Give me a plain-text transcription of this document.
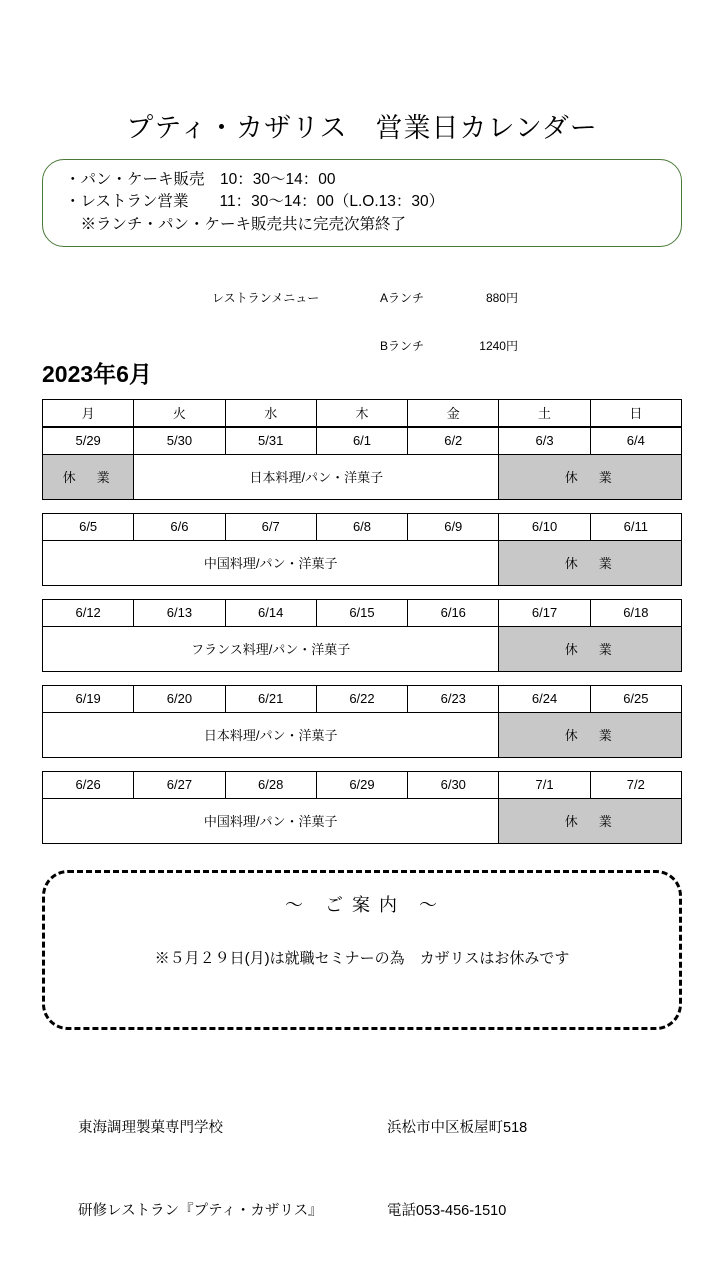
プティ・カザリス　営業日カレンダー
・パン・ケーキ販売　10：30〜14：00
・レストラン営業　　11：30〜14：00（L.O.13：30）
　※ランチ・パン・ケーキ販売共に完売次第終了
2023年6月

レストランメニュー	Aランチ	880円

Bランチ	1240円

月	火	水	木	金	土	日
5/29	5/30	5/31	6/1	6/2	6/3	6/4
休　業	日本料理/パン・洋菓子				休　業	
6/5	6/6	6/7	6/8	6/9	6/10	6/11
中国料理/パン・洋菓子					休　業	
6/12	6/13	6/14	6/15	6/16	6/17	6/18
フランス料理/パン・洋菓子					休　業	
6/19	6/20	6/21	6/22	6/23	6/24	6/25
日本料理/パン・洋菓子					休　業	
6/26	6/27	6/28	6/29	6/30	7/1	7/2
中国料理/パン・洋菓子					休　業	
〜　ご 案 内　〜
※５月２９日(月)は就職セミナーの為　カザリスはお休みです

東海調理製菓専門学校

研修レストラン『プティ・カザリス』

浜松市中区板屋町518

電話053-456-1510
